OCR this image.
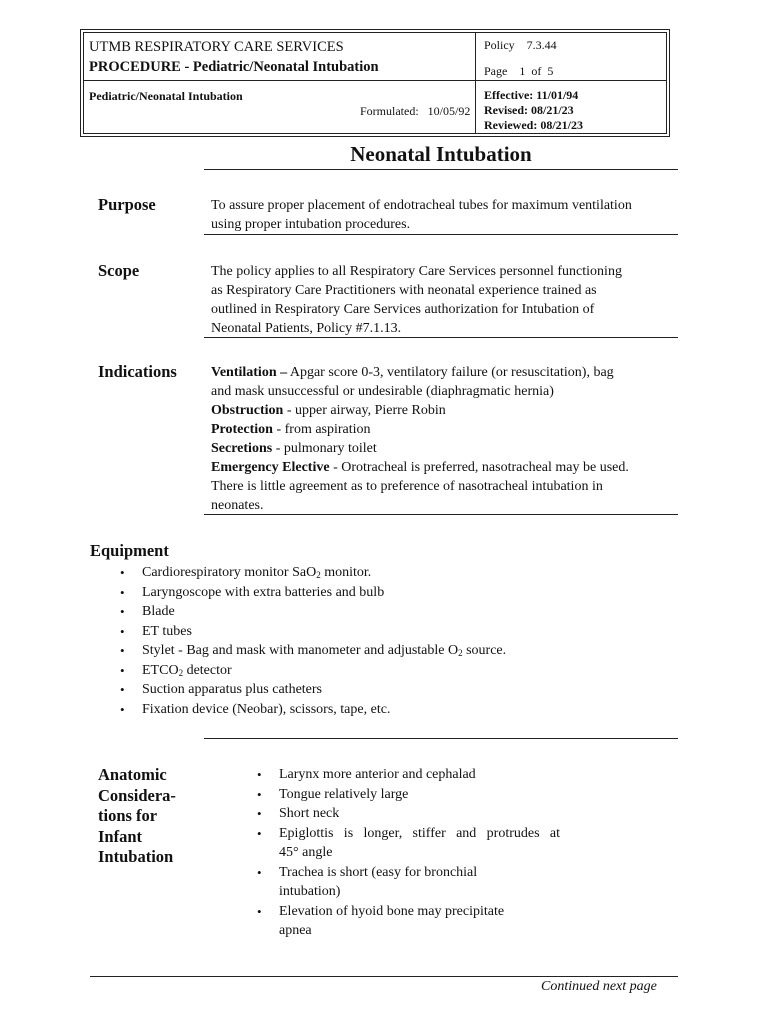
UTMB RESPIRATORY CARE SERVICES
PROCEDURE - Pediatric/Neonatal Intubation
Policy 7.3.44
Page 1 of 5
Pediatric/Neonatal Intubation
Formulated: 10/05/92
Effective: 11/01/94
Revised: 08/21/23
Reviewed: 08/21/23
Neonatal Intubation
Purpose	To assure proper placement of endotracheal tubes for maximum ventilation

using proper intubation procedures.

Scope	The policy applies to all Respiratory Care Services personnel functioning

as Respiratory Care Practitioners with neonatal experience trained as

outlined in Respiratory Care Services authorization for Intubation of

Neonatal Patients, Policy #7.1.13.

Indications Ventilation – Apgar score 0-3, ventilatory failure (or resuscitation), bag

and mask unsuccessful or undesirable (diaphragmatic hernia)

Obstruction - upper airway, Pierre Robin

Protection - from aspiration

Secretions - pulmonary toilet

Emergency Elective - Orotracheal is preferred, nasotracheal may be used.

There is little agreement as to preference of nasotracheal intubation in

neonates.

Equipment
• Cardiorespiratory monitor SaO$_2$ monitor.
• Laryngoscope with extra batteries and bulb
• Blade
• ET tubes
• Stylet - Bag and mask with manometer and adjustable $O_2$ source.
• $ETCO_2$ detector
• Suction apparatus plus catheters
• Fixation device (Neobar), scissors, tape, etc.
Anatomic
Considera-
tions for
Infant
Intubation
• Larynx more anterior and cephalad
• Tongue relatively large
• Short neck
• Epiglottis is longer, stiffer and protrudes at
45° angle
• Trachea is short (easy for bronchial
intubation)
• Elevation of hyoid bone may precipitate
apnea
Continued next page
